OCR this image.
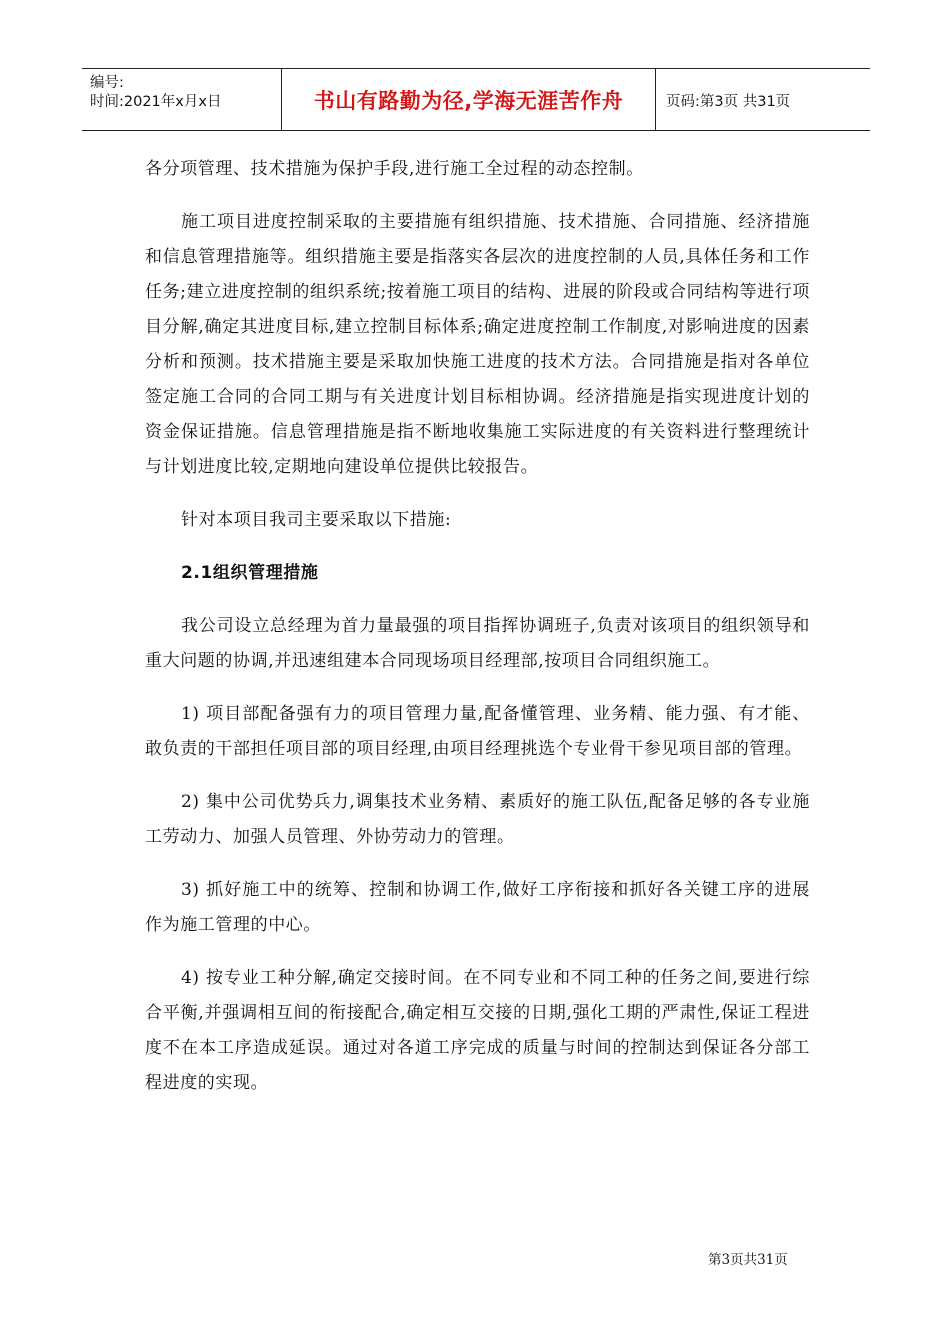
编号:
时间:2021年x月x日	书山有路勤为径,学海无涯苦作舟	页码:第3页 共31页

各分项管理、技术措施为保护手段,进行施工全过程的动态控制。

施工项目进度控制采取的主要措施有组织措施、技术措施、合同措施、经济措施和信息管理措施等。组织措施主要是指落实各层次的进度控制的人员,具体任务和工作任务;建立进度控制的组织系统;按着施工项目的结构、进展的阶段或合同结构等进行项目分解,确定其进度目标,建立控制目标体系;确定进度控制工作制度,对影响进度的因素分析和预测。技术措施主要是采取加快施工进度的技术方法。合同措施是指对各单位签定施工合同的合同工期与有关进度计划目标相协调。经济措施是指实现进度计划的资金保证措施。信息管理措施是指不断地收集施工实际进度的有关资料进行整理统计与计划进度比较,定期地向建设单位提供比较报告。

针对本项目我司主要采取以下措施:

2.1组织管理措施

我公司设立总经理为首力量最强的项目指挥协调班子,负责对该项目的组织领导和重大问题的协调,并迅速组建本合同现场项目经理部,按项目合同组织施工。

1) 项目部配备强有力的项目管理力量,配备懂管理、业务精、能力强、有才能、敢负责的干部担任项目部的项目经理,由项目经理挑选个专业骨干参见项目部的管理。

2) 集中公司优势兵力,调集技术业务精、素质好的施工队伍,配备足够的各专业施工劳动力、加强人员管理、外协劳动力的管理。

3) 抓好施工中的统筹、控制和协调工作,做好工序衔接和抓好各关键工序的进展作为施工管理的中心。

4) 按专业工种分解,确定交接时间。在不同专业和不同工种的任务之间,要进行综合平衡,并强调相互间的衔接配合,确定相互交接的日期,强化工期的严肃性,保证工程进度不在本工序造成延误。通过对各道工序完成的质量与时间的控制达到保证各分部工程进度的实现。

第3页共31页
